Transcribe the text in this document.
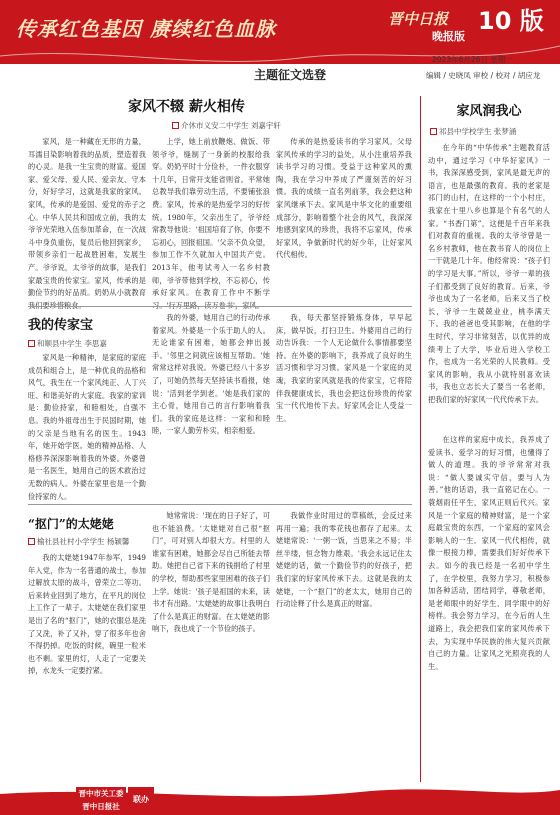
传承红色基因 赓续红色血脉	晋中日报
晚报版
10 版
2023年6月26日 星期一
主题征文选登	编辑 / 史晓凤 审校 / 校对 / 胡应龙
家风不辍 薪火相传
介休市义安二中学生 刘嘉宇轩

家风，是一种藏在无形的力量，耳濡目染影响着我的品质，塑造着我的心灵。是我一生宝贵的财富。爱国家、爱父母、爱人民、爱亲友、守本分，好好学习，这就是我家的家风。家风，传承的是爱国、爱党的赤子之心。中华人民共和国成立前，我的太爷爷光荣地入伍参加革命，在一次战斗中身负重伤，复员后他回到家乡，带领乡亲们一起战胜困难，发展生产。爷爷说，太爷爷的故事，是我们家最宝贵的传家宝。家风，传承的是勤俭节约的好品质。奶奶从小就教育

上学，她上前放鞭炮、做饭、带领爷爷，缝制了一身新的校服给我穿。奶奶平时十分俭朴，一件衣服穿十几年，日常开支能省则省。平常她总教导我们靠劳动生活，不要铺张浪费。家风，传承的是热爱学习的好传统。1980年，父亲出生了，爷爷经常教导他说：'祖国培育了你，你要不忘初心，回报祖国。'父亲不负众望，参加工作不久就加入中国共产党。2013年，他考试考入一名乡村教师，爷爷带他到学校，不忘初心，传承好家风。在教育工作中不断学

传承的是热爱读书的学习家风。父母家风传承的学习的益处，从小注重培养我读书学习的习惯。受益于这种家风的熏陶，我在学习中养成了严谨刻苦的好习惯。我的成绩一直名列前茅，我会把这种家风继承下去。家风是中华文化的重要组成部分，影响着整个社会的风气，我深深地感到家风的珍贵，我将不忘家风，传承好家风，争做新时代的好少年，让好家风代代相传。

我的传家宝
和顺县中学生 李思嘉

家风是一种精神，是家庭的家庭成员和组合上，是一种优良的品格和风气，我生在一个家风纯正、人丁兴旺、和谐美好的大家庭。我家的家训是：勤俭持家，和睦相处，自强不息。我的外祖母出生于民国时期，她的父亲是当地有名的医生。1943年，她开始学医。她的精神品格、人格修养深深影响着我的外婆。外婆曾是一名医生，她用自己的医术救治过无数的病人。外婆在家里也是一个勤俭持家的人。

我的外婆，她用自己的行动传承着家风。外婆是一个乐于助人的人。无论谁家有困难，她都会伸出援手。'邻里之间就应该相互帮助。'她常常这样对我说。外婆已经八十多岁了，可她仍然每天坚持读书看报，她说：'活到老学到老。'她是我们家的主心骨，她用自己的言行影响着我们。我的家庭是这样：一家和和睦睦，一家人勤劳朴实，相亲相爱。

我，每天都坚持锻炼身体，早早起床，做早饭，打扫卫生。外婆用自己的行动告诉我：一个人无论做什么事情都要坚持。在外婆的影响下，我养成了良好的生活习惯和学习习惯。家风是一个家庭的灵魂，我家的家风就是我的传家宝，它将陪伴我健康成长，我也会把这份珍贵的传家宝一代代地传下去。好家风会让人受益一生。

“抠门”的太姥姥
榆社县社村小学学生 杨颖馨

我的太姥姥1947年参军，1949年入党，作为一名普通的战士，参加过解放太原的战斗，曾荣立二等功。后来转业回到了地方，在平凡的岗位上工作了一辈子。太姥姥在我们家里是出了名的“抠门”，她的衣服总是洗了又洗，补了又补，穿了很多年也舍不得扔掉。吃饭的时候，碗里一粒米也不剩。家里的灯，人走了一定要关掉，水龙头一定要拧紧。

她常常说：'现在的日子好了，可也不能浪费。'太姥姥对自己很“抠门”，可对别人却很大方。村里的人谁家有困难，她都会尽自己所能去帮助。她把自己省下来的钱捐给了村里的学校，帮助那些家里困难的孩子们上学。她说：'孩子是祖国的未来，读书才有出路。'太姥姥的故事让我明白了什么是真正的财富。在太姥姥的影响下，我也成了一个节俭的孩子。

我做作业时用过的草稿纸，会反过来再用一遍；我的零花钱也都存了起来。太姥姥常说：'一粥一饭，当思来之不易；半丝半缕，恒念物力维艰。'我会永远记住太姥姥的话，做一个勤俭节约的好孩子，把我们家的好家风传承下去。这就是我的太姥姥，一个“抠门”的老太太，她用自己的行动诠释了什么是真正的财富。

家风润我心
祁县中学校学生 张梦涵

在今年的“中华传承”主题教育活动中，通过学习《中华好家风》一书，我深深感受到，家风是最无声的语言，也是最强的教育。我的老家是祁门的山村，在这样的一个小村庄，我家在十里八乡也算是个有名气的人家。“书香门第”，这便是千百年来我们对教育的重视。我的太爷爷曾是一名乡村教师，他在教书育人的岗位上一干就是几十年。他经常说：“孩子们的学习是大事。”所以，爷爷一辈的孩子们都受到了良好的教育。后来，爷爷也成为了一名老师，后来又当了校长，爷爷一生兢兢业业，桃李满天下。我的爸爸也受其影响，在他的学生时代，学习非常刻苦，以优异的成绩考上了大学，毕业后进入学校工作，也成为一名光荣的人民教师。受家风的影响，我从小就特别喜欢读书，我也立志长大了要当一名老师，把我们家的好家风一代代传承下去。

在这样的家庭中成长，我养成了爱读书、爱学习的好习惯，也懂得了做人的道理。我的爷爷常常对我说：“做人要诚实守信，要与人为善。”他的话语，我一直铭记在心。一蓑烟雨任平生，家风正则后代兴。家风是一个家庭的精神财富，是一个家庭最宝贵的东西，一个家庭的家风会影响人的一生。家风一代代相传，就像一根接力棒，需要我们好好传承下去。如今的我已经是一名初中学生了，在学校里，我努力学习，积极参加各种活动，团结同学，尊敬老师，是老师眼中的好学生、同学眼中的好榜样。我会努力学习，在今后的人生道路上，我会把我们家的家风传承下去，为实现中华民族的伟大复兴贡献自己的力量。让家风之光照亮我的人生。

晋中市关工委
晋中日报社
联办
